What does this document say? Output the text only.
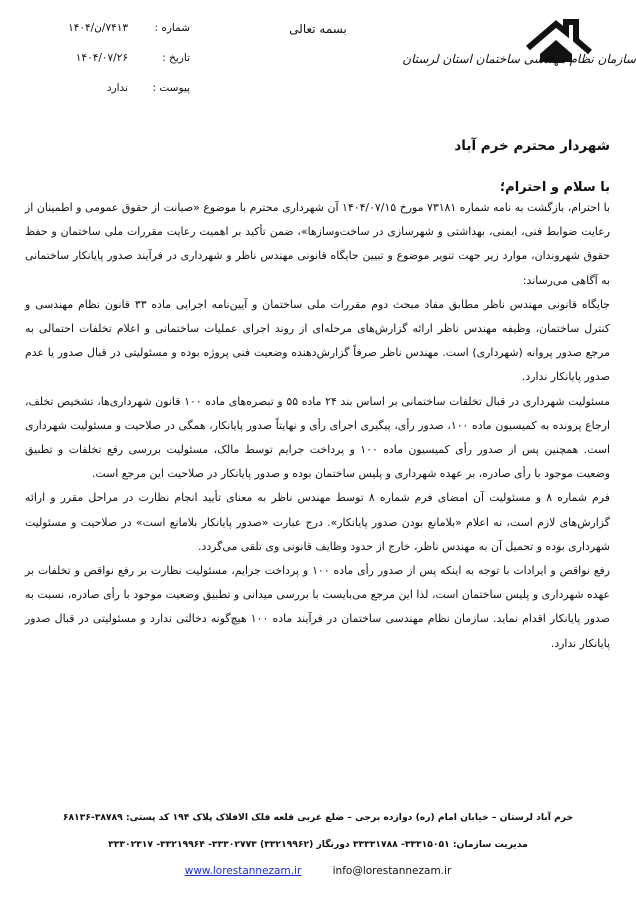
سازمان نظام مهندسی ساختمان استان لرستان
بسمه تعالی
شماره :
۷۴۱۳/ن/۱۴۰۴
تاریخ :
۱۴۰۴/۰۷/۲۶
پیوست :
ندارد
شهردار محترم خرم آباد
با سلام و احترام؛

با احترام، بازگشت به نامه شماره ۷۳۱۸۱ مورخ ۱۴۰۴/۰۷/۱۵ آن شهرداری محترم با موضوع «صیانت از حقوق عمومی و اطمینان از رعایت ضوابط فنی، ایمنی، بهداشتی و شهرسازی در ساخت‌وسازها»، ضمن تأکید بر اهمیت رعایت مقررات ملی ساختمان و حفظ حقوق شهروندان، موارد زیر جهت تنویر موضوع و تبیین جایگاه قانونی مهندس ناظر و شهرداری در فرآیند صدور پایانکار ساختمانی به آگاهی می‌رساند:

جایگاه قانونی مهندس ناظر مطابق مفاد مبحث دوم مقررات ملی ساختمان و آیین‌نامه اجرایی ماده ۳۳ قانون نظام مهندسی و کنترل ساختمان، وظیفه مهندس ناظر ارائه گزارش‌های مرحله‌ای از روند اجرای عملیات ساختمانی و اعلام تخلفات احتمالی به مرجع صدور پروانه (شهرداری) است. مهندس ناظر صرفاً گزارش‌دهنده وضعیت فنی پروژه بوده و مسئولیتی در قبال صدور یا عدم صدور پایانکار ندارد.

مسئولیت شهرداری در قبال تخلفات ساختمانی بر اساس بند ۲۴ ماده ۵۵ و تبصره‌های ماده ۱۰۰ قانون شهرداری‌ها، تشخیص تخلف، ارجاع پرونده به کمیسیون ماده ۱۰۰، صدور رأی، پیگیری اجرای رأی و نهایتاً صدور پایانکار، همگی در صلاحیت و مسئولیت شهرداری است. همچنین پس از صدور رأی کمیسیون ماده ۱۰۰ و پرداخت جرایم توسط مالک، مسئولیت بررسی رفع تخلفات و تطبیق وضعیت موجود با رأی صادره، بر عهده شهرداری و پلیس ساختمان بوده و صدور پایانکار در صلاحیت این مرجع است.

فرم شماره ۸ و مسئولیت آن امضای فرم شماره ۸ توسط مهندس ناظر به معنای تأیید انجام نظارت در مراحل مقرر و ارائه گزارش‌های لازم است، نه اعلام «بلامانع بودن صدور پایانکار». درج عبارت «صدور پایانکار بلامانع است» در صلاحیت و مسئولیت شهرداری بوده و تحمیل آن به مهندس ناظر، خارج از حدود وظایف قانونی وی تلقی می‌گردد.

رفع نواقص و ایرادات با توجه به اینکه پس از صدور رأی ماده ۱۰۰ و پرداخت جرایم، مسئولیت نظارت بر رفع نواقص و تخلفات بر عهده شهرداری و پلیس ساختمان است، لذا این مرجع می‌بایست با بررسی میدانی و تطبیق وضعیت موجود با رأی صادره، نسبت به صدور پایانکار اقدام نماید. سازمان نظام مهندسی ساختمان در فرآیند ماده ۱۰۰ هیچ‌گونه دخالتی ندارد و مسئولیتی در قبال صدور پایانکار ندارد.

خرم آباد لرستان – خیابان امام (ره) دوازده برجی – ضلع غربی قلعه فلک الافلاک پلاک ۱۹۴ کد پستی: ۳۸۷۸۹-۶۸۱۳۶
مدیریت سازمان: ۳۳۳۱۵۰۵۱- ۳۳۳۳۱۷۸۸ دورنگار (۳۳۲۱۹۹۶۲) ۳۳۳۰۲۷۷۳- ۳۳۲۱۹۹۶۴- ۳۳۳۰۲۳۱۷
www.lorestannezam.ir	info@lorestannezam.ir
